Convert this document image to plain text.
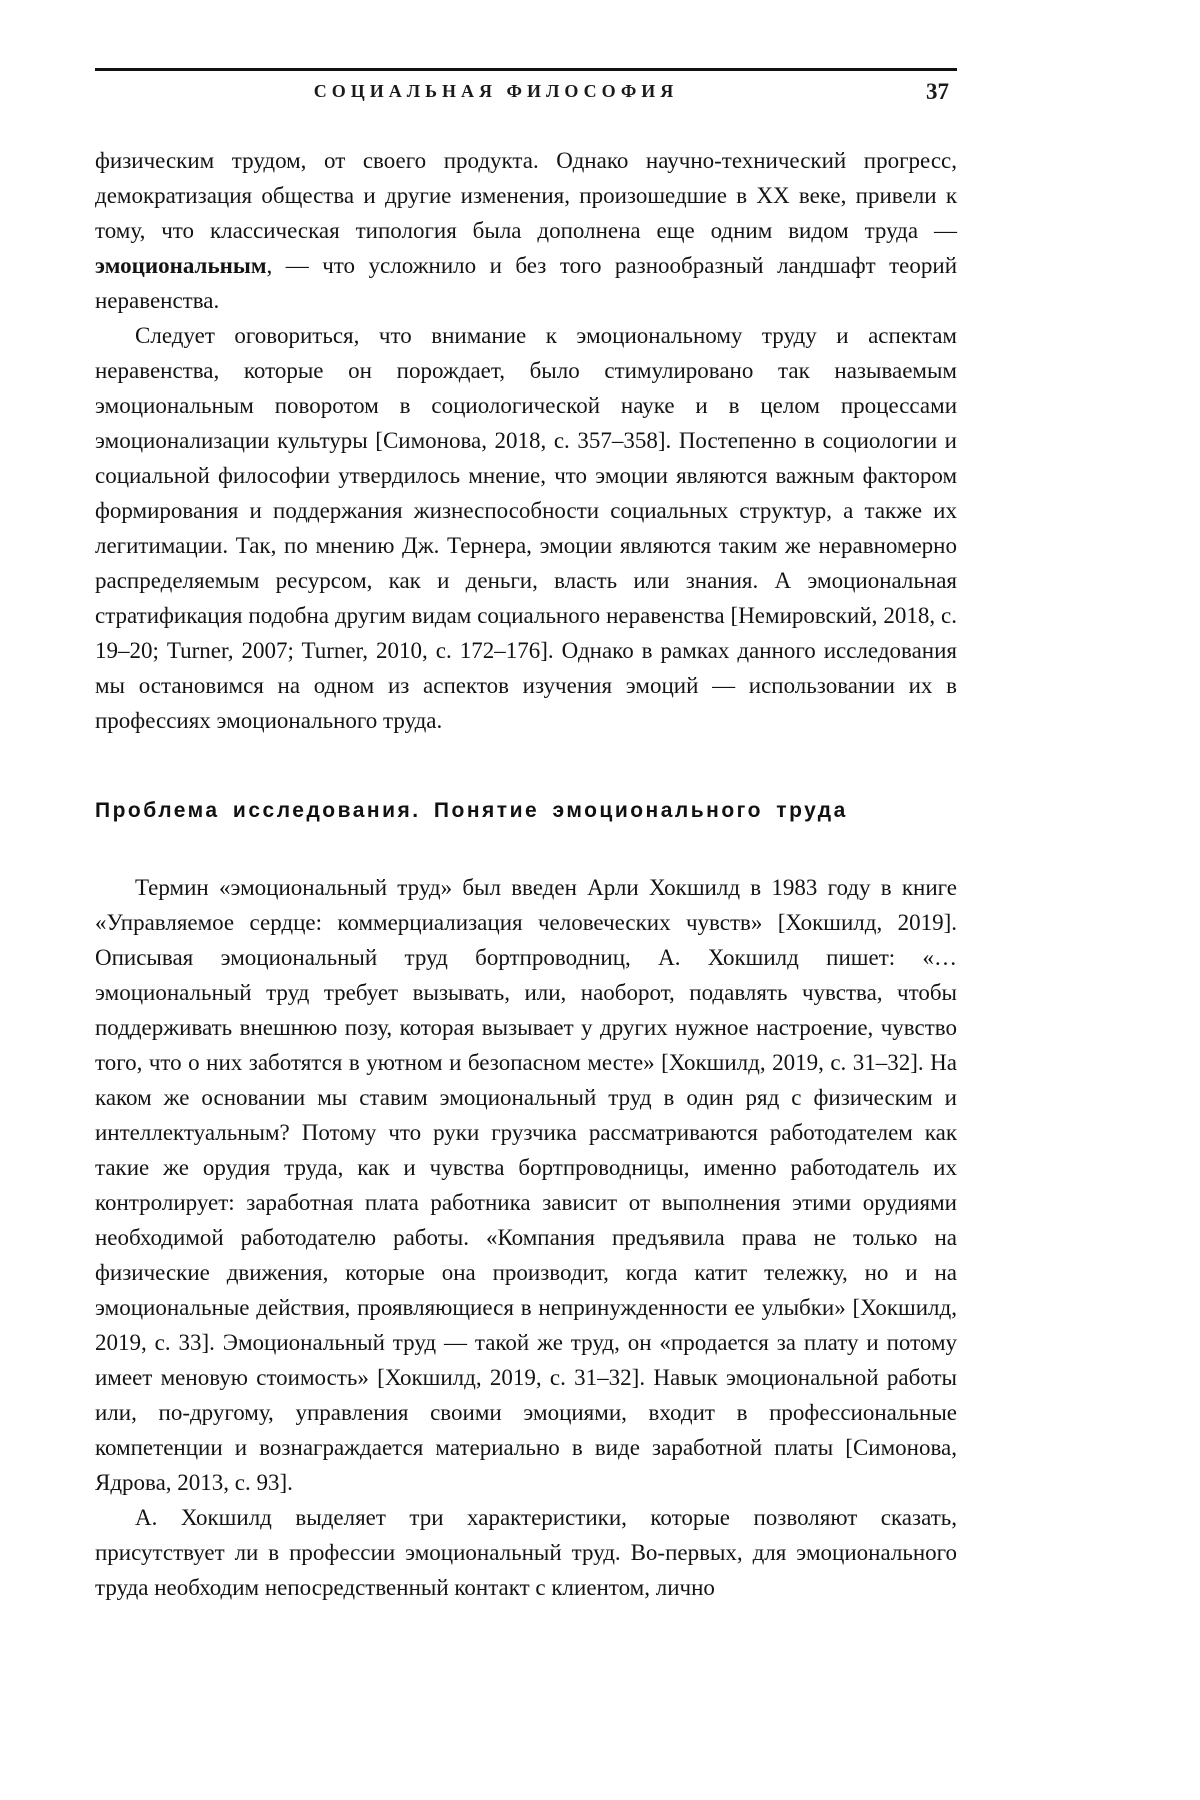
СОЦИАЛЬНАЯ ФИЛОСОФИЯ	37

физическим трудом, от своего продукта. Однако научно-технический прогресс, демократизация общества и другие изменения, произошедшие в XX веке, привели к тому, что классическая типология была дополнена еще одним видом труда — эмоциональным, — что усложнило и без того разнообразный ландшафт теорий неравенства.

Следует оговориться, что внимание к эмоциональному труду и аспектам неравенства, которые он порождает, было стимулировано так называемым эмоциональным поворотом в социологической науке и в целом процессами эмоционализации культуры [Симонова, 2018, с. 357–358]. Постепенно в социологии и социальной философии утвердилось мнение, что эмоции являются важным фактором формирования и поддержания жизнеспособности социальных структур, а также их легитимации. Так, по мнению Дж. Тернера, эмоции являются таким же неравномерно распределяемым ресурсом, как и деньги, власть или знания. А эмоциональная стратификация подобна другим видам социального неравенства [Немировский, 2018, с. 19–20; Turner, 2007; Turner, 2010, с. 172–176]. Однако в рамках данного исследования мы остановимся на одном из аспектов изучения эмоций — использовании их в профессиях эмоционального труда.

Проблема исследования. Понятие эмоционального труда

Термин «эмоциональный труд» был введен Арли Хокшилд в 1983 году в книге «Управляемое сердце: коммерциализация человеческих чувств» [Хокшилд, 2019]. Описывая эмоциональный труд бортпроводниц, А. Хокшилд пишет: «…эмоциональный труд требует вызывать, или, наоборот, подавлять чувства, чтобы поддерживать внешнюю позу, которая вызывает у других нужное настроение, чувство того, что о них заботятся в уютном и безопасном месте» [Хокшилд, 2019, с. 31–32]. На каком же основании мы ставим эмоциональный труд в один ряд с физическим и интеллектуальным? Потому что руки грузчика рассматриваются работодателем как такие же орудия труда, как и чувства бортпроводницы, именно работодатель их контролирует: заработная плата работника зависит от выполнения этими орудиями необходимой работодателю работы. «Компания предъявила права не только на физические движения, которые она производит, когда катит тележку, но и на эмоциональные действия, проявляющиеся в непринужденности ее улыбки» [Хокшилд, 2019, с. 33]. Эмоциональный труд — такой же труд, он «продается за плату и потому имеет меновую стоимость» [Хокшилд, 2019, с. 31–32]. Навык эмоциональной работы или, по-другому, управления своими эмоциями, входит в профессиональные компетенции и вознаграждается материально в виде заработной платы [Симонова, Ядрова, 2013, с. 93].

А. Хокшилд выделяет три характеристики, которые позволяют сказать, присутствует ли в профессии эмоциональный труд. Во-первых, для эмоционального труда необходим непосредственный контакт с клиентом, лично
